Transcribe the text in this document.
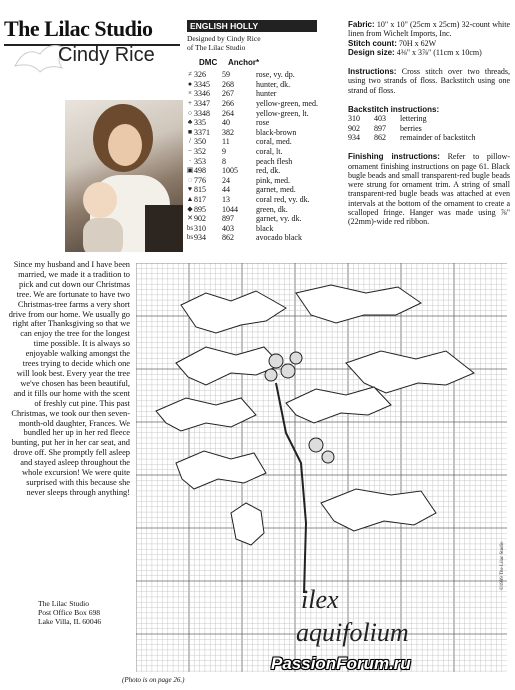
The Lilac Studio
Cindy Rice
ENGLISH HOLLY
Designed by Cindy Rice
of The Lilac Studio
DMC Anchor*
≠ 326	59	rose, vy. dp.
● 3345	268	hunter, dk.
× 3346	267	hunter
+ 3347	266	yellow-green, med.
○ 3348	264	yellow-green, lt.
♣ 335	40	rose
■ 3371	382	black-brown
/ 350	11	coral, med.
− 352	9	coral, lt.
· 353	8	peach flesh
▣ 498	1005	red, dk.
◌ 776	24	pink, med.
♥ 815	44	garnet, med.
▲ 817	13	coral red, vy. dk.
◆ 895	1044	green, dk.
✕ 902	897	garnet, vy. dk.
bs 310	403	black
bs 934	862	avocado black
Fabric: 10" x 10" (25cm x 25cm) 32-count white linen from Wichelt Imports, Inc.
Stitch count: 70H x 62W
Design size: 4⅜" x 3⅞" (11cm x 10cm)
Instructions: Cross stitch over two threads, using two strands of floss. Backstitch using one strand of floss.
Backstitch instructions:
310	403	lettering
902	897	berries
934	862	remainder of backstitch
Finishing instructions: Refer to pillow-ornament finishing instructions on page 61. Black bugle beads and small transparent-red bugle beads were strung for ornament trim. A string of small transparent-red bugle beads was attached at even intervals at the bottom of the ornament to create a scalloped fringe. Hanger was made using ⅞" (22mm)-wide red ribbon.
Since my husband and I have been married, we made it a tradition to pick and cut down our Christmas tree. We are fortunate to have two Christmas-tree farms a very short drive from our home. We usually go right after Thanksgiving so that we can enjoy the tree for the longest time possible. It is always so enjoyable walking amongst the trees trying to decide which one will look best. Every year the tree we've chosen has been beautiful, and it fills our home with the scent of freshly cut pine. This past Christmas, we took our then seven-month-old daughter, Frances. We bundled her up in her red fleece bunting, put her in her car seat, and drove off. She promptly fell asleep and stayed asleep throughout the whole excursion! We were quite surprised with this because she never sleeps through anything!
The Lilac Studio
Post Office Box 698
Lake Villa, IL 60046
(Photo is on page 26.)
ilex
aquifolium
©1999 The Lilac Studio
PassionForum.ru
